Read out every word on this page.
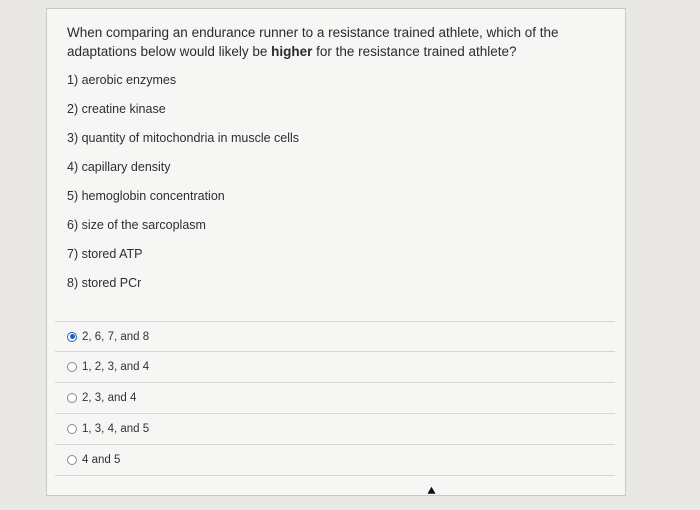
When comparing an endurance runner to a resistance trained athlete, which of the adaptations below would likely be higher for the resistance trained athlete?
1) aerobic enzymes
2) creatine kinase
3) quantity of mitochondria in muscle cells
4) capillary density
5) hemoglobin concentration
6) size of the sarcoplasm
7) stored ATP
8) stored PCr
2, 6, 7, and 8
1, 2, 3, and 4
2, 3, and 4
1, 3, 4, and 5
4 and 5
